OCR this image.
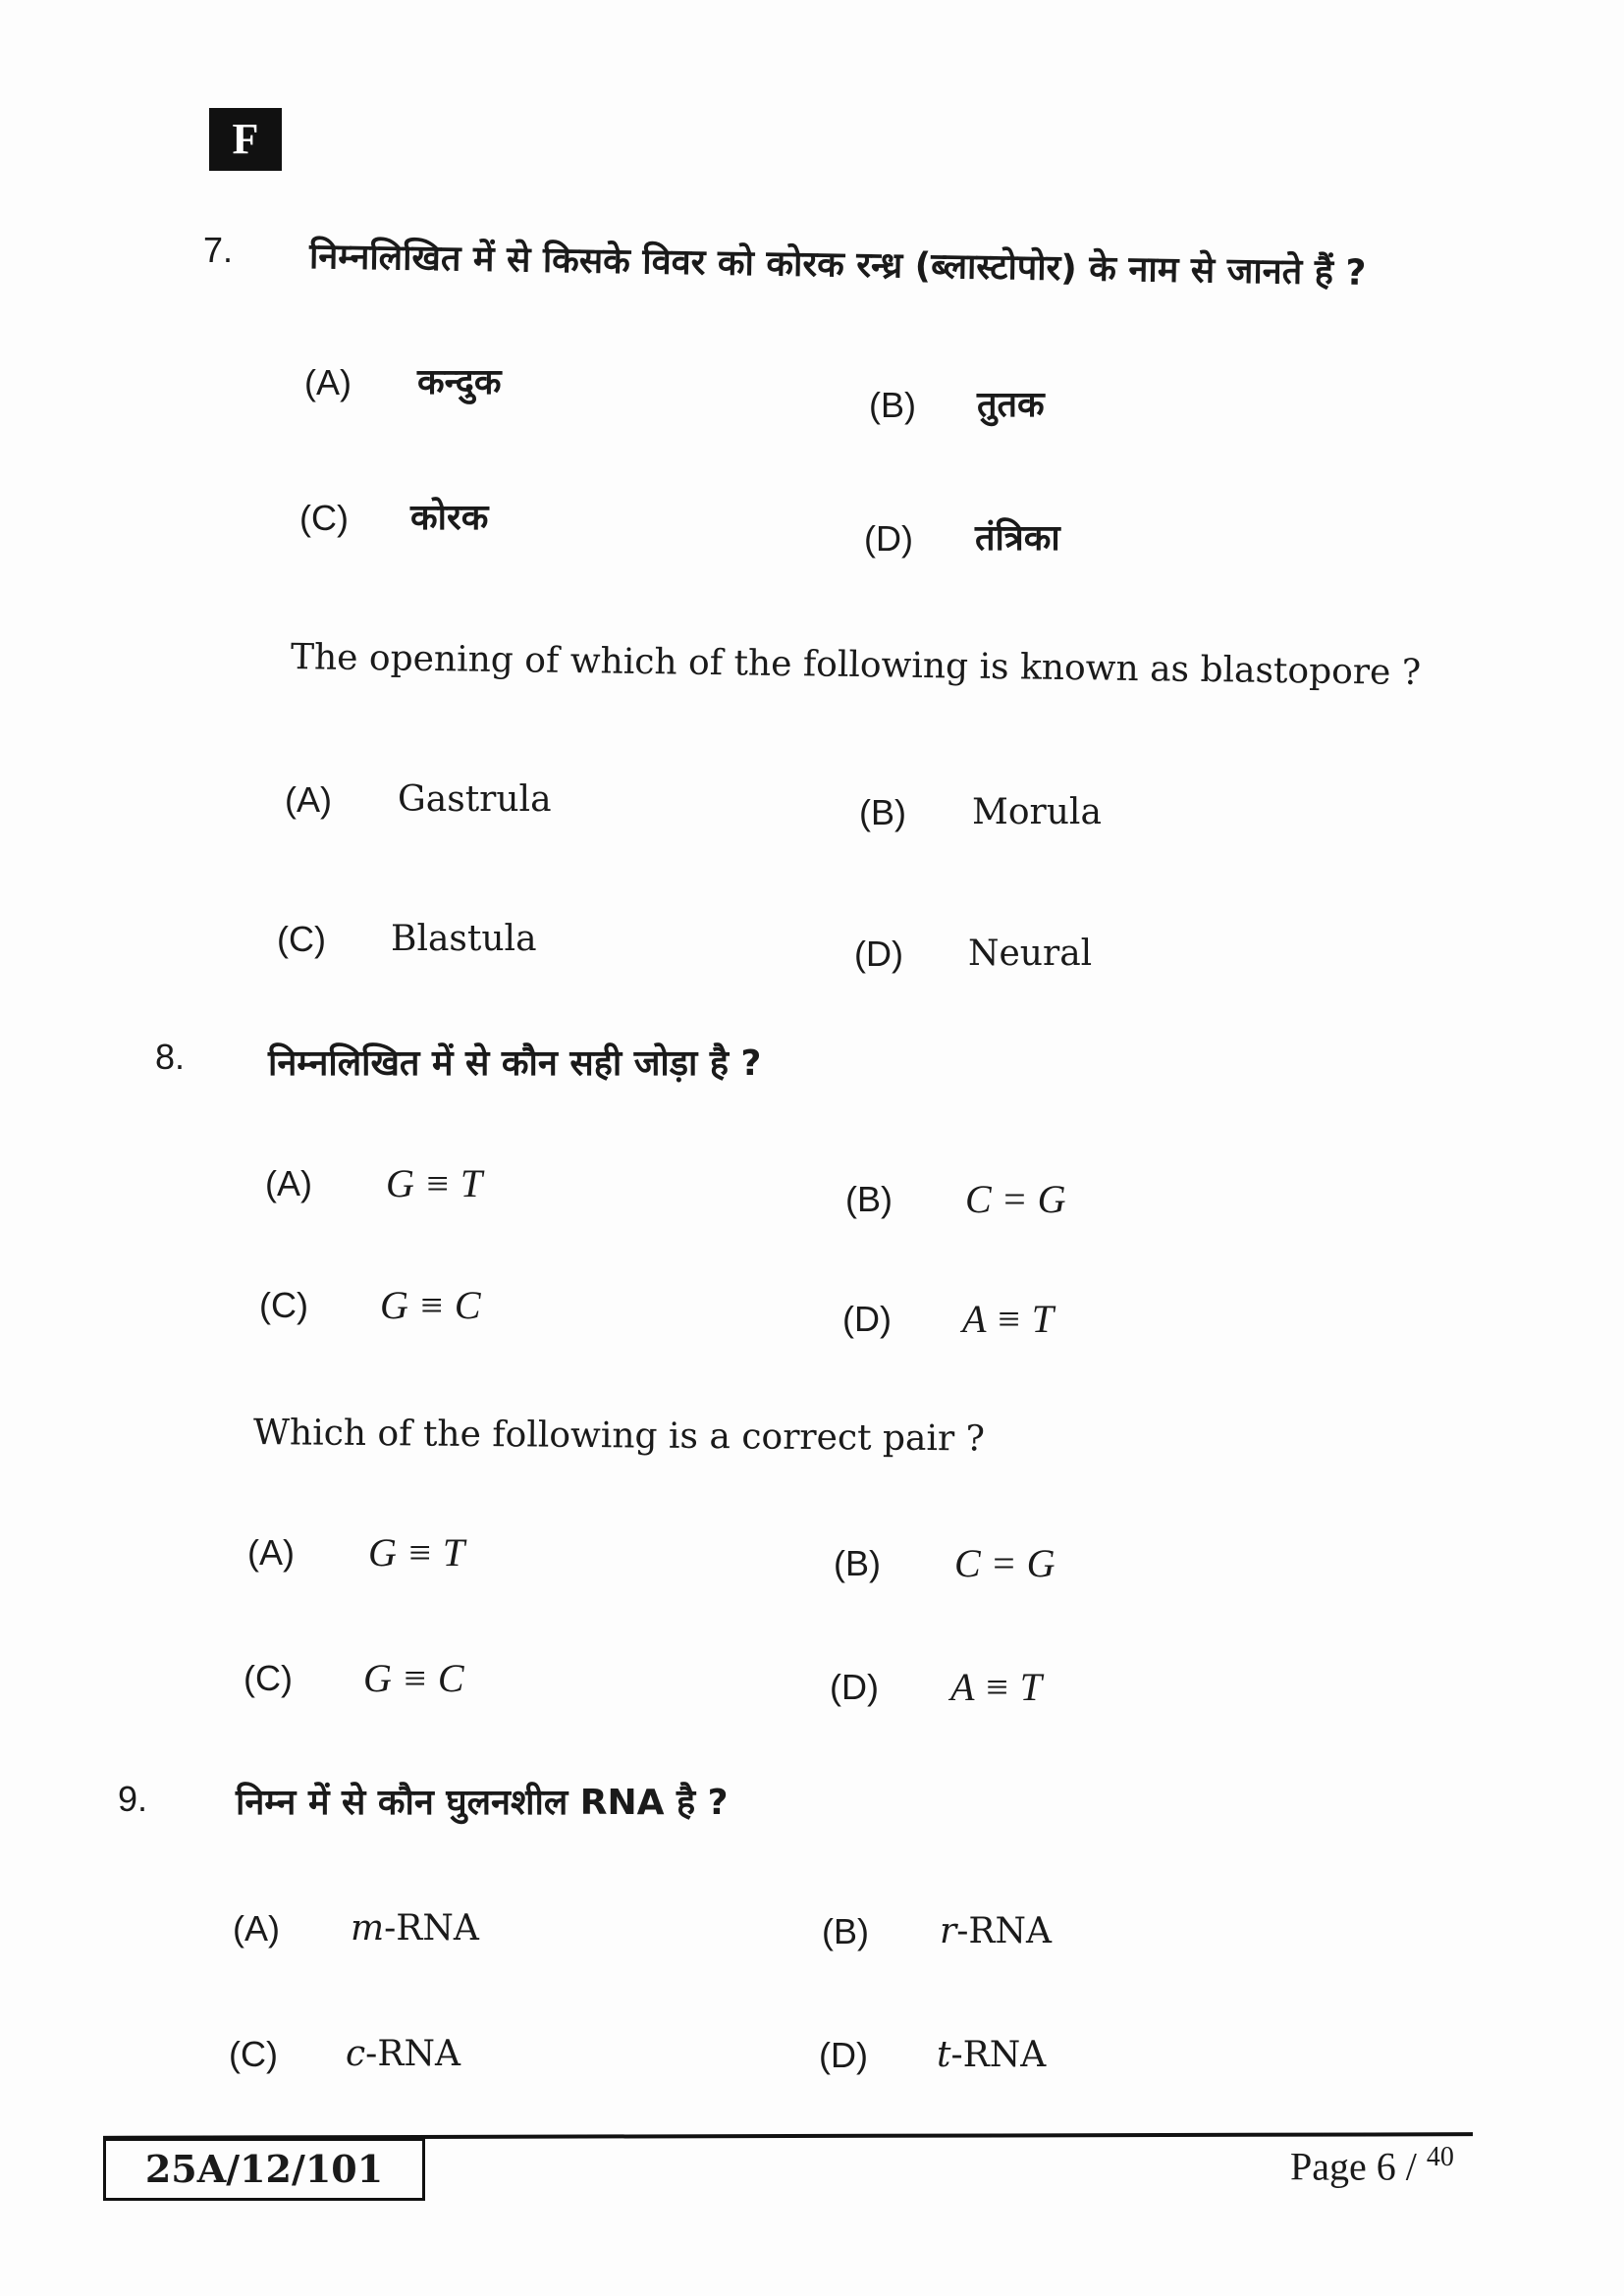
F
7. निम्नलिखित में से किसके विवर को कोरक रन्ध्र (ब्लास्टोपोर) के नाम से जानते हैं ?
(A) कन्दुक
(B) तुतक
(C) कोरक
(D) तंत्रिका
The opening of which of the following is known as blastopore ?
(A) Gastrula	(B) Morula
(C) Blastula	(D) Neural
8. निम्नलिखित में से कौन सही जोड़ा है ?
(A) G ≡ T	(B) C = G
(C) G ≡ C	(D) A ≡ T
Which of the following is a correct pair ?
(A) G ≡ T	(B) C = G
(C) G ≡ C	(D) A ≡ T
9. निम्न में से कौन घुलनशील RNA है ?
(A) m-RNA	(B) r-RNA
(C) c-RNA	(D) t-RNA
25A/12/101	Page 6 / $^{40}$
